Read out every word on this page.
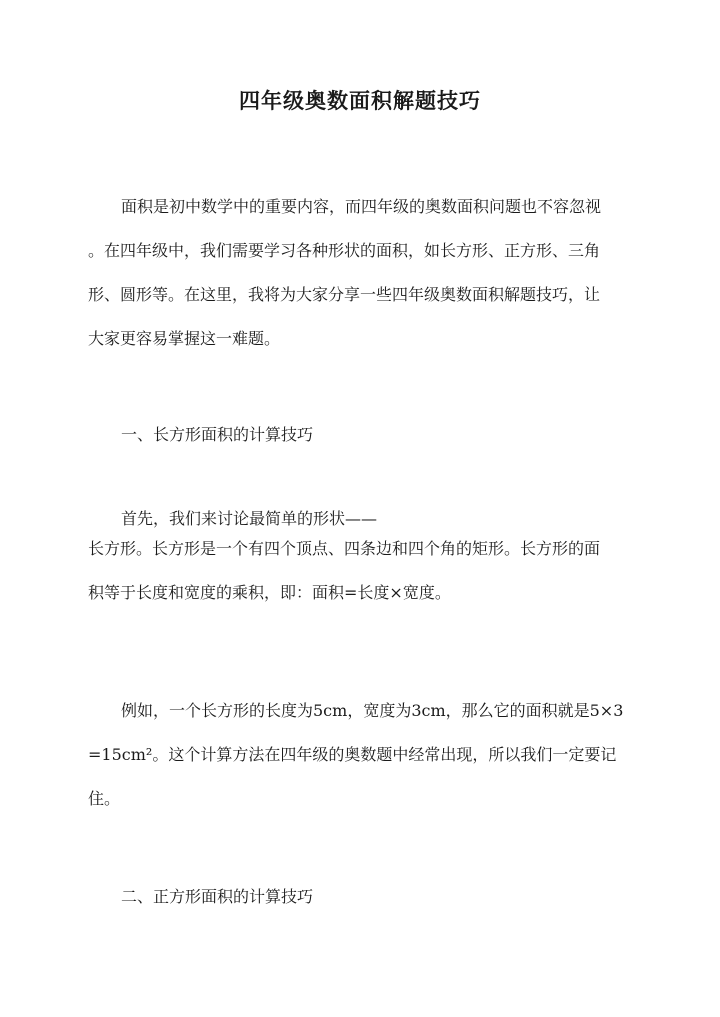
四年级奥数面积解题技巧
面积是初中数学中的重要内容，而四年级的奥数面积问题也不容忽视
。在四年级中，我们需要学习各种形状的面积，如长方形、正方形、三角
形、圆形等。在这里，我将为大家分享一些四年级奥数面积解题技巧，让
大家更容易掌握这一难题。
一、长方形面积的计算技巧
首先，我们来讨论最简单的形状——
长方形。长方形是一个有四个顶点、四条边和四个角的矩形。长方形的面
积等于长度和宽度的乘积，即：面积=长度×宽度。
例如，一个长方形的长度为5cm，宽度为3cm，那么它的面积就是5×3
=15cm²。这个计算方法在四年级的奥数题中经常出现，所以我们一定要记
住。
二、正方形面积的计算技巧
